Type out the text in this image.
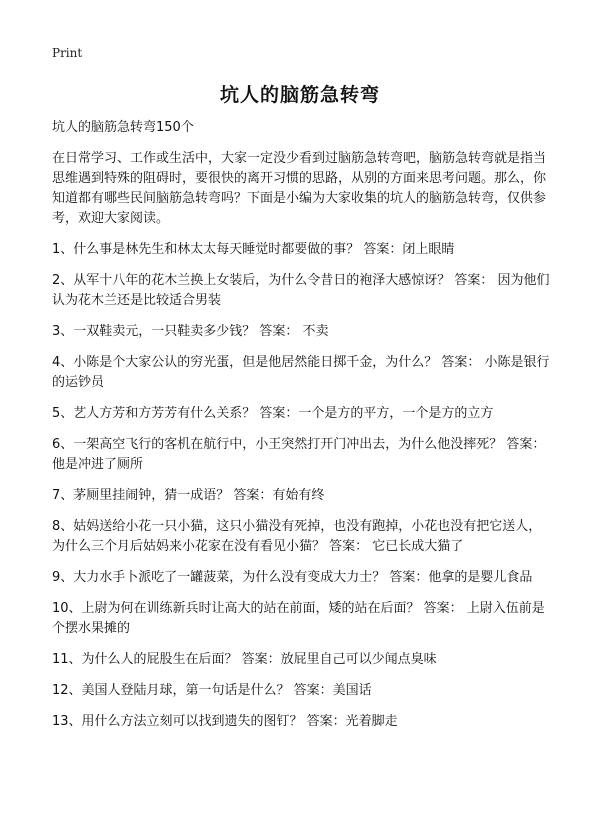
Print
坑人的脑筋急转弯

坑人的脑筋急转弯150个

在日常学习、工作或生活中，大家一定没少看到过脑筋急转弯吧，脑筋急转弯就是指当思维遇到特殊的阻碍时，要很快的离开习惯的思路，从别的方面来思考问题。那么，你知道都有哪些民间脑筋急转弯吗？下面是小编为大家收集的坑人的脑筋急转弯，仅供参考，欢迎大家阅读。

1、什么事是林先生和林太太每天睡觉时都要做的事？ 答案：闭上眼睛
2、从军十八年的花木兰换上女装后，为什么令昔日的袍泽大感惊讶？ 答案： 因为他们认为花木兰还是比较适合男装
3、一双鞋卖元，一只鞋卖多少钱？ 答案： 不卖
4、小陈是个大家公认的穷光蛋，但是他居然能日掷千金，为什么？ 答案： 小陈是银行的运钞员
5、艺人方芳和方芳芳有什么关系？ 答案：一个是方的平方，一个是方的立方
6、一架高空飞行的客机在航行中，小王突然打开门冲出去，为什么他没摔死？ 答案： 他是冲进了厕所
7、茅厕里挂闹钟，猜一成语？ 答案：有始有终
8、姑妈送给小花一只小猫，这只小猫没有死掉，也没有跑掉，小花也没有把它送人，为什么三个月后姑妈来小花家在没有看见小猫？ 答案： 它已长成大猫了
9、大力水手卜派吃了一罐菠菜，为什么没有变成大力士？ 答案：他拿的是婴儿食品
10、上尉为何在训练新兵时让高大的站在前面，矮的站在后面？ 答案： 上尉入伍前是个摆水果摊的
11、为什么人的屁股生在后面？ 答案：放屁里自己可以少闻点臭味
12、美国人登陆月球，第一句话是什么？ 答案：美国话
13、用什么方法立刻可以找到遗失的图钉？ 答案：光着脚走
